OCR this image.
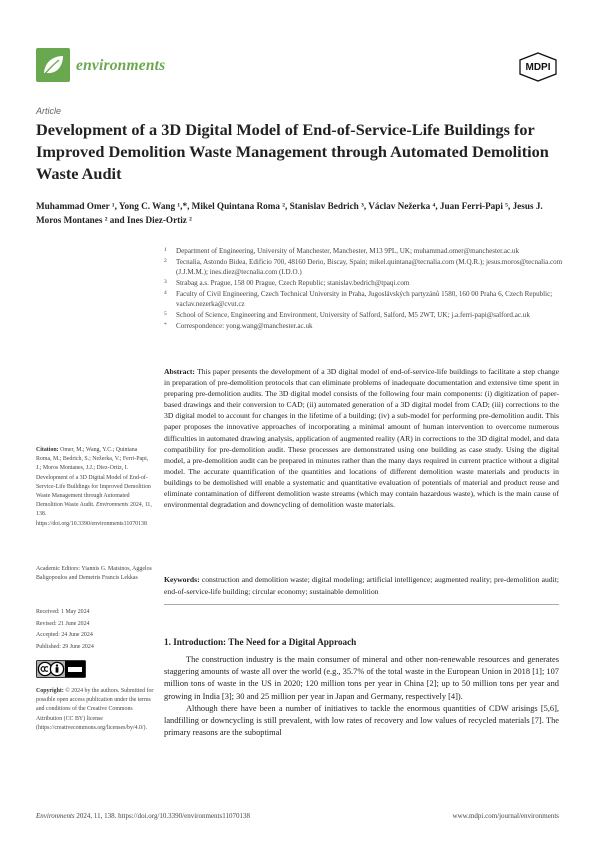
environments	MDPI
Article
Development of a 3D Digital Model of End-of-Service-Life Buildings for Improved Demolition Waste Management through Automated Demolition Waste Audit
Muhammad Omer ¹, Yong C. Wang ¹,*, Mikel Quintana Roma ², Stanislav Bedrich ³, Václav Nežerka ⁴, Juan Ferri-Papi ⁵, Jesus J. Moros Montanes ² and Ines Diez-Ortiz ²
1 Department of Engineering, University of Manchester, Manchester, M13 9PL, UK; muhammad.omer@manchester.ac.uk
2 Tecnalia, Astondo Bidea, Edificio 700, 48160 Derio, Biscay, Spain; mikel.quintana@tecnalia.com (M.Q.R.); jesus.moros@tecnalia.com (J.J.M.M.); ines.diez@tecnalia.com (I.D.O.)
3 Strabag a.s. Prague, 158 00 Prague, Czech Republic; stanislav.bedrich@tpaqi.com
4 Faculty of Civil Engineering, Czech Technical University in Praha, Jugoslávských partyzánů 1580, 160 00 Praha 6, Czech Republic; vaclav.nezerka@cvut.cz
5 School of Science, Engineering and Environment, University of Salford, Salford, M5 2WT, UK; j.a.ferri-papi@salford.ac.uk
* Correspondence: yong.wang@manchester.ac.uk
Abstract: This paper presents the development of a 3D digital model of end-of-service-life buildings to facilitate a step change in preparation of pre-demolition protocols that can eliminate problems of inadequate documentation and extensive time spent in preparing pre-demolition audits. The 3D digital model consists of the following four main components: (i) digitization of paper-based drawings and their conversion to CAD; (ii) automated generation of a 3D digital model from CAD; (iii) corrections to the 3D digital model to account for changes in the lifetime of a building; (iv) a sub-model for performing pre-demolition audit. This paper proposes the innovative approaches of incorporating a minimal amount of human intervention to overcome numerous difficulties in automated drawing analysis, application of augmented reality (AR) in corrections to the 3D digital model, and data compatibility for pre-demolition audit. These processes are demonstrated using one building as case study. Using the digital model, a pre-demolition audit can be prepared in minutes rather than the many days required in current practice without a digital model. The accurate quantification of the quantities and locations of different demolition waste materials and products in buildings to be demolished will enable a systematic and quantitative evaluation of potentials of material and product reuse and eliminate contamination of different demolition waste streams (which may contain hazardous waste), which is the main cause of environmental degradation and downcycling of demolition waste materials.
Keywords: construction and demolition waste; digital modeling; artificial intelligence; augmented reality; pre-demolition audit; end-of-service-life building; circular economy; sustainable demolition
1. Introduction: The Need for a Digital Approach

The construction industry is the main consumer of mineral and other non-renewable resources and generates staggering amounts of waste all over the world (e.g., 35.7% of the total waste in the European Union in 2018 [1]; 107 million tons of waste in the US in 2020; 120 million tons per year in China [2]; up to 50 million tons per year and growing in India [3]; 30 and 25 million per year in Japan and Germany, respectively [4]).

Although there have been a number of initiatives to tackle the enormous quantities of CDW arisings [5,6], landfilling or downcycling is still prevalent, with low rates of recovery and low values of recycled materials [7]. The primary reasons are the suboptimal

Citation: Omer, M.; Wang, Y.C.; Quintana Roma, M.; Bedrich, S.; Nežerka, V.; Ferri-Papi, J.; Moros Montanes, J.J.; Diez-Ortiz, I. Development of a 3D Digital Model of End-of-Service-Life Buildings for Improved Demolition Waste Management through Automated Demolition Waste Audit. Environments 2024, 11, 138. https://doi.org/10.3390/environments11070138
Academic Editors: Yiannis G. Matsinos, Aggelos Baligopoulos and Demetris Francis Lekkas
Received: 1 May 2024
Revised: 21 June 2024
Accepted: 24 June 2024
Published: 29 June 2024
Copyright: © 2024 by the authors. Submitted for possible open access publication under the terms and conditions of the Creative Commons Attribution (CC BY) license (https://creativecommons.org/licenses/by/4.0/).
Environments 2024, 11, 138. https://doi.org/10.3390/environments11070138	www.mdpi.com/journal/environments
